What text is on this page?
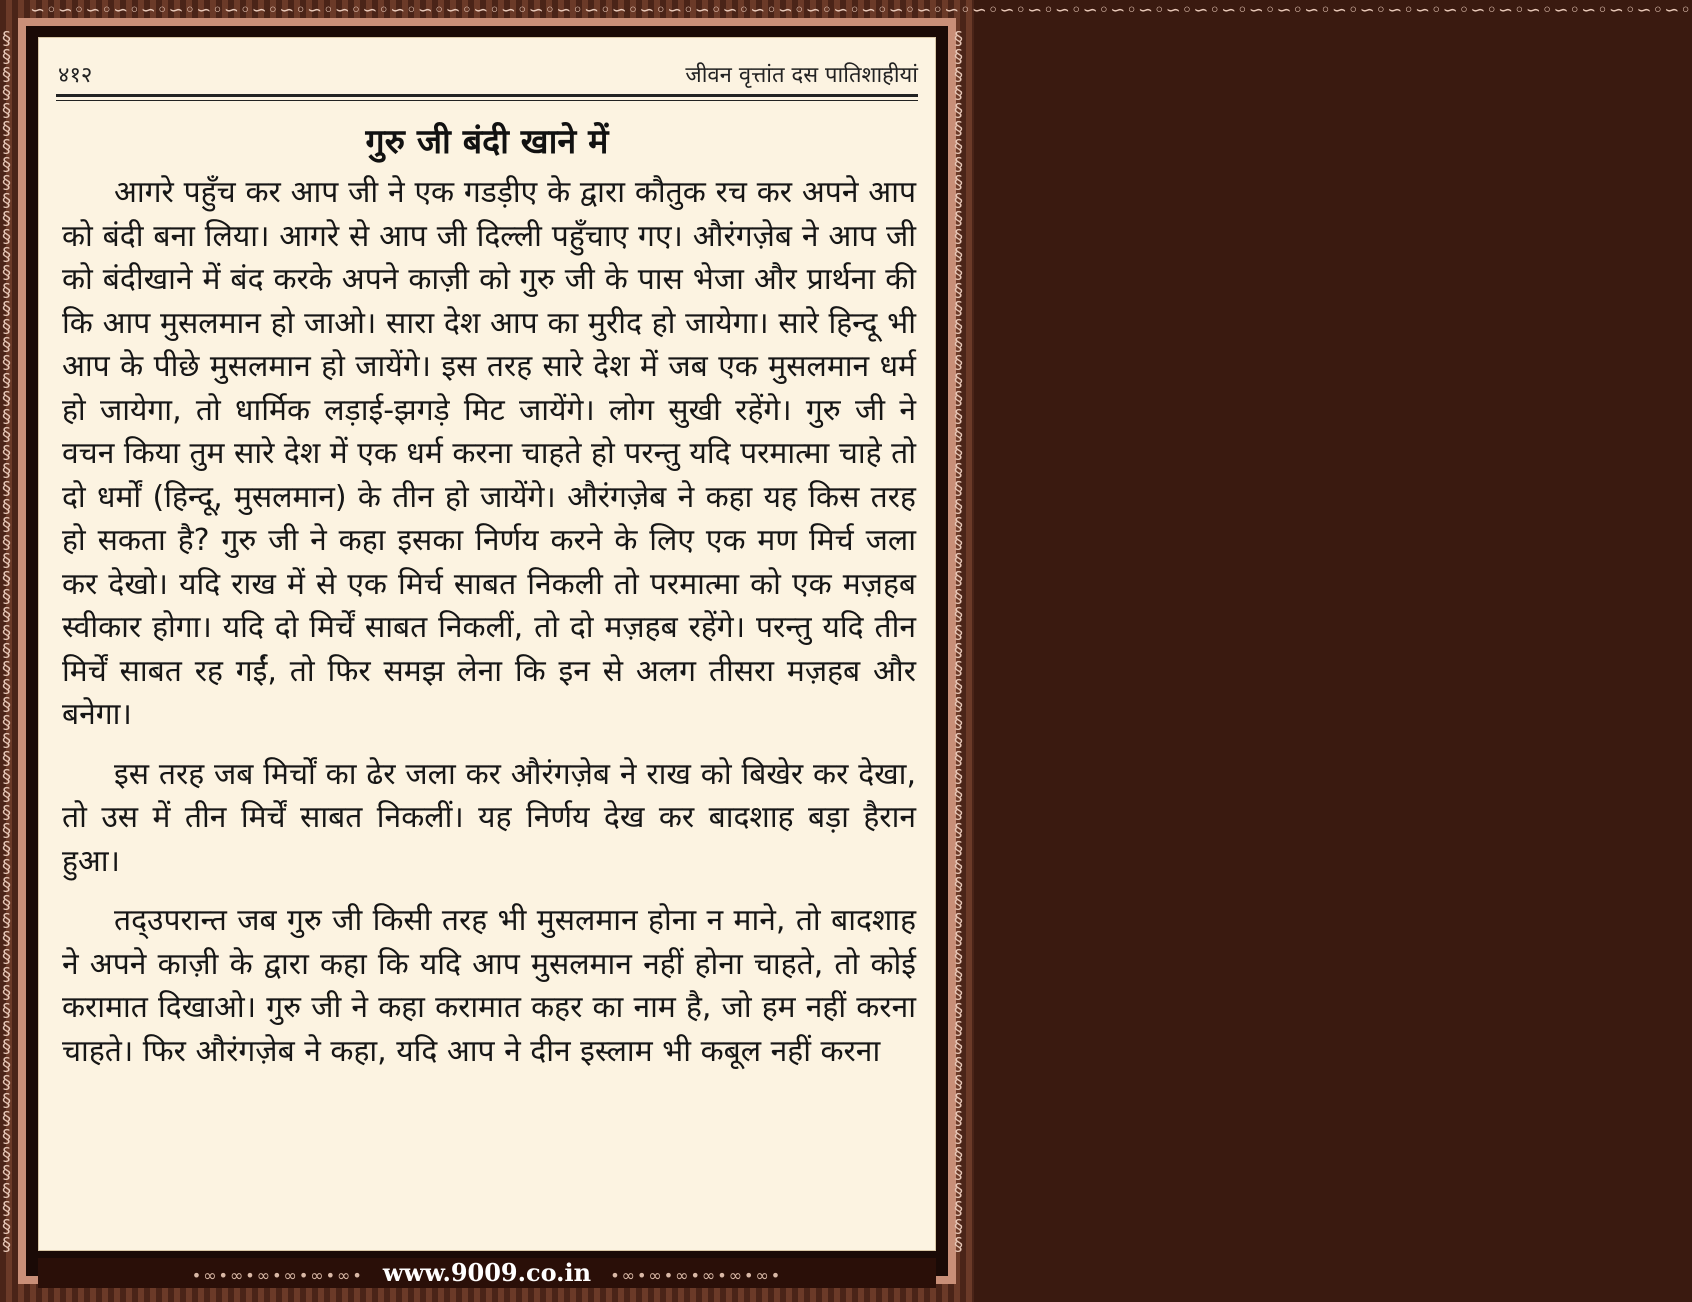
∽◦∽◦∽◦∽◦∽◦∽◦∽◦∽◦∽◦∽◦∽◦∽◦∽◦∽◦∽◦∽◦∽◦∽◦∽◦∽◦∽◦∽◦∽◦∽◦∽◦∽◦∽◦∽◦∽◦∽◦∽◦∽◦∽◦∽◦∽◦∽◦∽◦∽◦∽◦∽◦∽◦∽◦∽◦∽◦∽◦∽◦∽◦∽◦∽◦∽◦∽◦∽◦∽◦∽◦∽◦∽◦∽◦∽◦∽◦∽◦
§§§§§§§§§§§§§§§§§§§§§§§§§§§§§§§§§§§§§§§§§§§§§§§§§§§§§§§§§§§§§§§§§§§§
§§§§§§§§§§§§§§§§§§§§§§§§§§§§§§§§§§§§§§§§§§§§§§§§§§§§§§§§§§§§§§§§§§§§
४१२	जीवन वृत्तांत दस पातिशाहीयां
गुरु जी बंदी खाने में

आगरे पहुँच कर आप जी ने एक गडड़ीए के द्वारा कौतुक रच कर अपने आप को बंदी बना लिया। आगरे से आप जी दिल्ली पहुँचाए गए। औरंगज़ेब ने आप जी को बंदीखाने में बंद करके अपने काज़ी को गुरु जी के पास भेजा और प्रार्थना की कि आप मुसलमान हो जाओ। सारा देश आप का मुरीद हो जायेगा। सारे हिन्दू भी आप के पीछे मुसलमान हो जायेंगे। इस तरह सारे देश में जब एक मुसलमान धर्म हो जायेगा, तो धार्मिक लड़ाई-झगड़े मिट जायेंगे। लोग सुखी रहेंगे। गुरु जी ने वचन किया तुम सारे देश में एक धर्म करना चाहते हो परन्तु यदि परमात्मा चाहे तो दो धर्मों (हिन्दू, मुसलमान) के तीन हो जायेंगे। औरंगज़ेब ने कहा यह किस तरह हो सकता है? गुरु जी ने कहा इसका निर्णय करने के लिए एक मण मिर्च जला कर देखो। यदि राख में से एक मिर्च साबत निकली तो परमात्मा को एक मज़हब स्वीकार होगा। यदि दो मिर्चें साबत निकलीं, तो दो मज़हब रहेंगे। परन्तु यदि तीन मिर्चें साबत रह गईं, तो फिर समझ लेना कि इन से अलग तीसरा मज़हब और बनेगा।

इस तरह जब मिर्चों का ढेर जला कर औरंगज़ेब ने राख को बिखेर कर देखा, तो उस में तीन मिर्चें साबत निकलीं। यह निर्णय देख कर बादशाह बड़ा हैरान हुआ।

तद्उपरान्त जब गुरु जी किसी तरह भी मुसलमान होना न माने, तो बादशाह ने अपने काज़ी के द्वारा कहा कि यदि आप मुसलमान नहीं होना चाहते, तो कोई करामात दिखाओ। गुरु जी ने कहा करामात कहर का नाम है, जो हम नहीं करना चाहते। फिर औरंगज़ेब ने कहा, यदि आप ने दीन इस्लाम भी कबूल नहीं करना

•∞•∞•∞•∞•∞•∞• www.9009.co.in •∞•∞•∞•∞•∞•∞•
